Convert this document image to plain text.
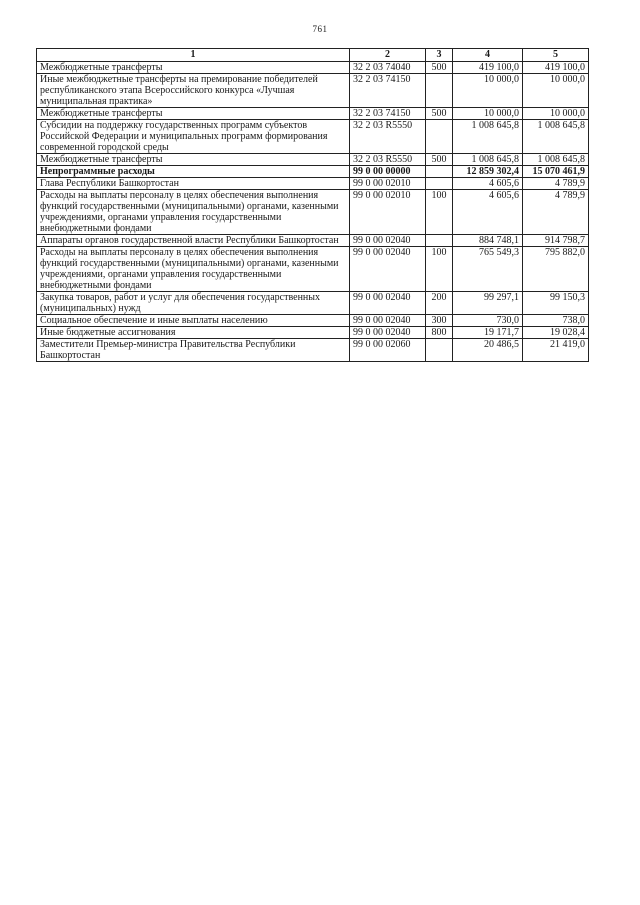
761
1	2	3	4	5
Межбюджетные трансферты	32 2 03 74040	500	419 100,0	419 100,0
Иные межбюджетные трансферты на премирование победителей республиканского этапа Всероссийского конкурса «Лучшая муниципальная практика»	32 2 03 74150		10 000,0	10 000,0
Межбюджетные трансферты	32 2 03 74150	500	10 000,0	10 000,0
Субсидии на поддержку государственных программ субъектов Российской Федерации и муниципальных программ формирования современной городской среды	32 2 03 R5550		1 008 645,8	1 008 645,8
Межбюджетные трансферты	32 2 03 R5550	500	1 008 645,8	1 008 645,8
Непрограммные расходы	99 0 00 00000		12 859 302,4	15 070 461,9
Глава Республики Башкортостан	99 0 00 02010		4 605,6	4 789,9
Расходы на выплаты персоналу в целях обеспечения выполнения функций государственными (муниципальными) органами, казенными учреждениями, органами управления государственными внебюджетными фондами	99 0 00 02010	100	4 605,6	4 789,9
Аппараты органов государственной власти Республики Башкортостан	99 0 00 02040		884 748,1	914 798,7
Расходы на выплаты персоналу в целях обеспечения выполнения функций государственными (муниципальными) органами, казенными учреждениями, органами управления государственными внебюджетными фондами	99 0 00 02040	100	765 549,3	795 882,0
Закупка товаров, работ и услуг для обеспечения государственных (муниципальных) нужд	99 0 00 02040	200	99 297,1	99 150,3
Социальное обеспечение и иные выплаты населению	99 0 00 02040	300	730,0	738,0
Иные бюджетные ассигнования	99 0 00 02040	800	19 171,7	19 028,4
Заместители Премьер-министра Правительства Республики Башкортостан	99 0 00 02060		20 486,5	21 419,0
